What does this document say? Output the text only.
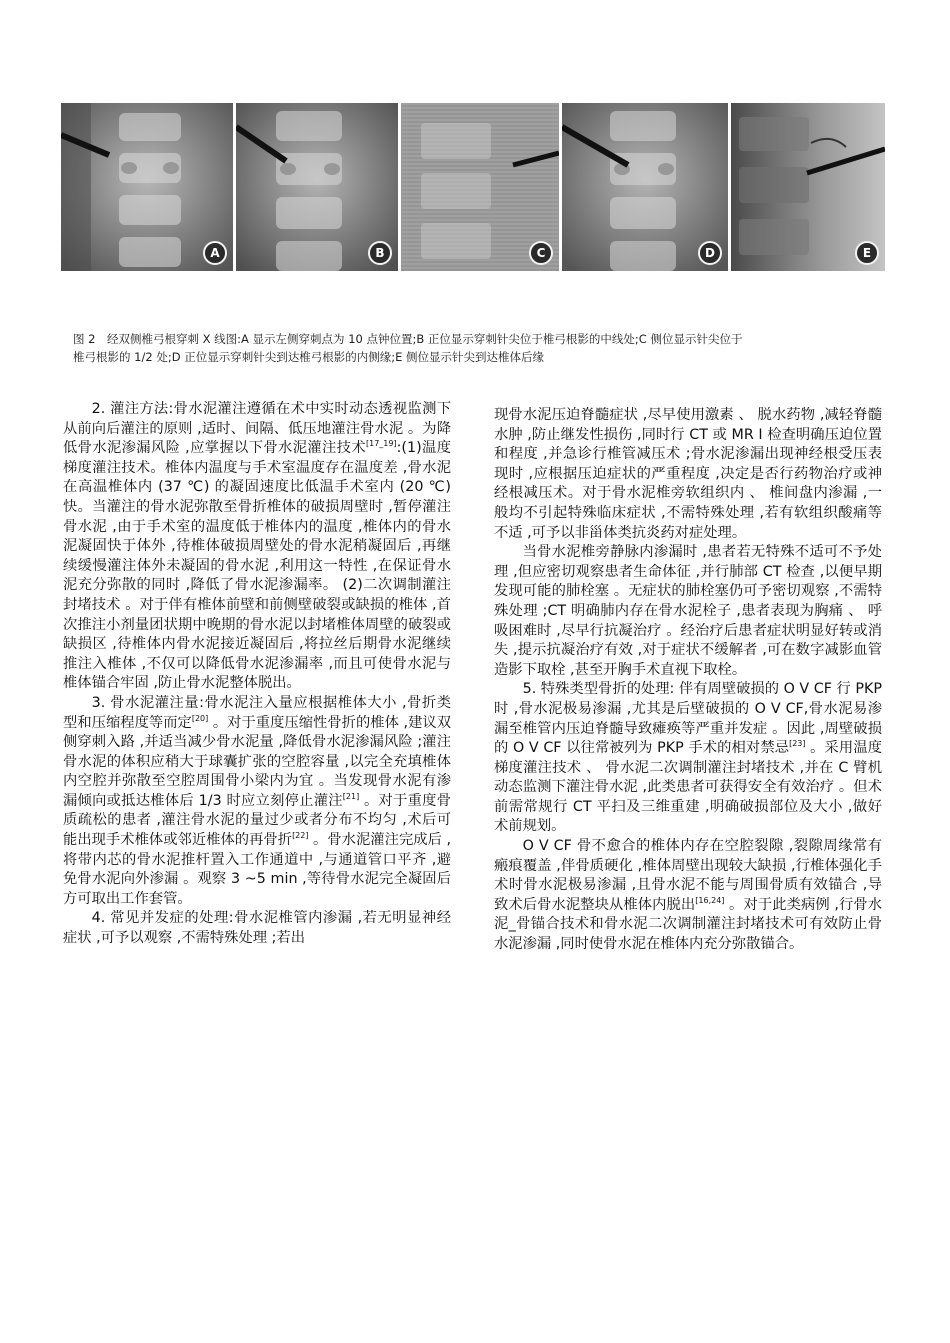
A	B	C	D	E
图 2　经双侧椎弓根穿刺 X 线图:A 显示左侧穿刺点为 10 点钟位置;B 正位显示穿刺针尖位于椎弓根影的中线处;C 侧位显示针尖位于
椎弓根影的 1/2 处;D 正位显示穿刺针尖到达椎弓根影的内侧缘;E 侧位显示针尖到达椎体后缘

2. 灌注方法:骨水泥灌注遵循在术中实时动态透视监测下从前向后灌注的原则 ,适时、间隔、低压地灌注骨水泥 。为降低骨水泥渗漏风险 ,应掌握以下骨水泥灌注技术[17_19]:(1)温度梯度灌注技术。椎体内温度与手术室温度存在温度差 ,骨水泥在高温椎体内 (37 ℃) 的凝固速度比低温手术室内 (20 ℃)快。当灌注的骨水泥弥散至骨折椎体的破损周壁时 ,暂停灌注骨水泥 ,由于手术室的温度低于椎体内的温度 ,椎体内的骨水泥凝固快于体外 ,待椎体破损周壁处的骨水泥稍凝固后 ,再继续缓慢灌注体外未凝固的骨水泥 ,利用这一特性 ,在保证骨水泥充分弥散的同时 ,降低了骨水泥渗漏率。 (2)二次调制灌注封堵技术 。对于伴有椎体前壁和前侧壁破裂或缺损的椎体 ,首次推注小剂量团状期中晚期的骨水泥以封堵椎体周壁的破裂或缺损区 ,待椎体内骨水泥接近凝固后 ,将拉丝后期骨水泥继续推注入椎体 ,不仅可以降低骨水泥渗漏率 ,而且可使骨水泥与椎体锚合牢固 ,防止骨水泥整体脱出。

3. 骨水泥灌注量:骨水泥注入量应根据椎体大小 ,骨折类型和压缩程度等而定[20] 。对于重度压缩性骨折的椎体 ,建议双侧穿刺入路 ,并适当减少骨水泥量 ,降低骨水泥渗漏风险 ;灌注骨水泥的体积应稍大于球囊扩张的空腔容量 ,以完全充填椎体内空腔并弥散至空腔周围骨小梁内为宜 。当发现骨水泥有渗漏倾向或抵达椎体后 1/3 时应立刻停止灌注[21] 。对于重度骨质疏松的患者 ,灌注骨水泥的量过少或者分布不均匀 ,术后可能出现手术椎体或邻近椎体的再骨折[22] 。骨水泥灌注完成后 ,将带内芯的骨水泥推杆置入工作通道中 ,与通道管口平齐 ,避免骨水泥向外渗漏 。观察 3 ~5 min ,等待骨水泥完全凝固后方可取出工作套管。

4. 常见并发症的处理:骨水泥椎管内渗漏 ,若无明显神经症状 ,可予以观察 ,不需特殊处理 ;若出

现骨水泥压迫脊髓症状 ,尽早使用激素 、 脱水药物 ,减轻脊髓水肿 ,防止继发性损伤 ,同时行 CT 或 MR I 检查明确压迫位置和程度 ,并急诊行椎管减压术 ;骨水泥渗漏出现神经根受压表现时 ,应根据压迫症状的严重程度 ,决定是否行药物治疗或神经根减压术。对于骨水泥椎旁软组织内 、 椎间盘内渗漏 ,一般均不引起特殊临床症状 ,不需特殊处理 ,若有软组织酸痛等不适 ,可予以非甾体类抗炎药对症处理。

当骨水泥椎旁静脉内渗漏时 ,患者若无特殊不适可不予处理 ,但应密切观察患者生命体征 ,并行肺部 CT 检查 ,以便早期发现可能的肺栓塞 。无症状的肺栓塞仍可予密切观察 ,不需特殊处理 ;CT 明确肺内存在骨水泥栓子 ,患者表现为胸痛 、 呼吸困难时 ,尽早行抗凝治疗 。经治疗后患者症状明显好转或消失 ,提示抗凝治疗有效 ,对于症状不缓解者 ,可在数字减影血管造影下取栓 ,甚至开胸手术直视下取栓。

5. 特殊类型骨折的处理: 伴有周壁破损的 O V CF 行 PKP 时 ,骨水泥极易渗漏 ,尤其是后壁破损的 O V CF,骨水泥易渗漏至椎管内压迫脊髓导致瘫痪等严重并发症 。因此 ,周壁破损的 O V CF 以往常被列为 PKP 手术的相对禁忌[23] 。采用温度梯度灌注技术 、 骨水泥二次调制灌注封堵技术 ,并在 C 臂机动态监测下灌注骨水泥 ,此类患者可获得安全有效治疗 。但术前需常规行 CT 平扫及三维重建 ,明确破损部位及大小 ,做好术前规划。

O V CF 骨不愈合的椎体内存在空腔裂隙 ,裂隙周缘常有瘢痕覆盖 ,伴骨质硬化 ,椎体周壁出现较大缺损 ,行椎体强化手术时骨水泥极易渗漏 ,且骨水泥不能与周围骨质有效锚合 ,导致术后骨水泥整块从椎体内脱出[16,24] 。对于此类病例 ,行骨水泥_骨锚合技术和骨水泥二次调制灌注封堵技术可有效防止骨水泥渗漏 ,同时使骨水泥在椎体内充分弥散锚合。
